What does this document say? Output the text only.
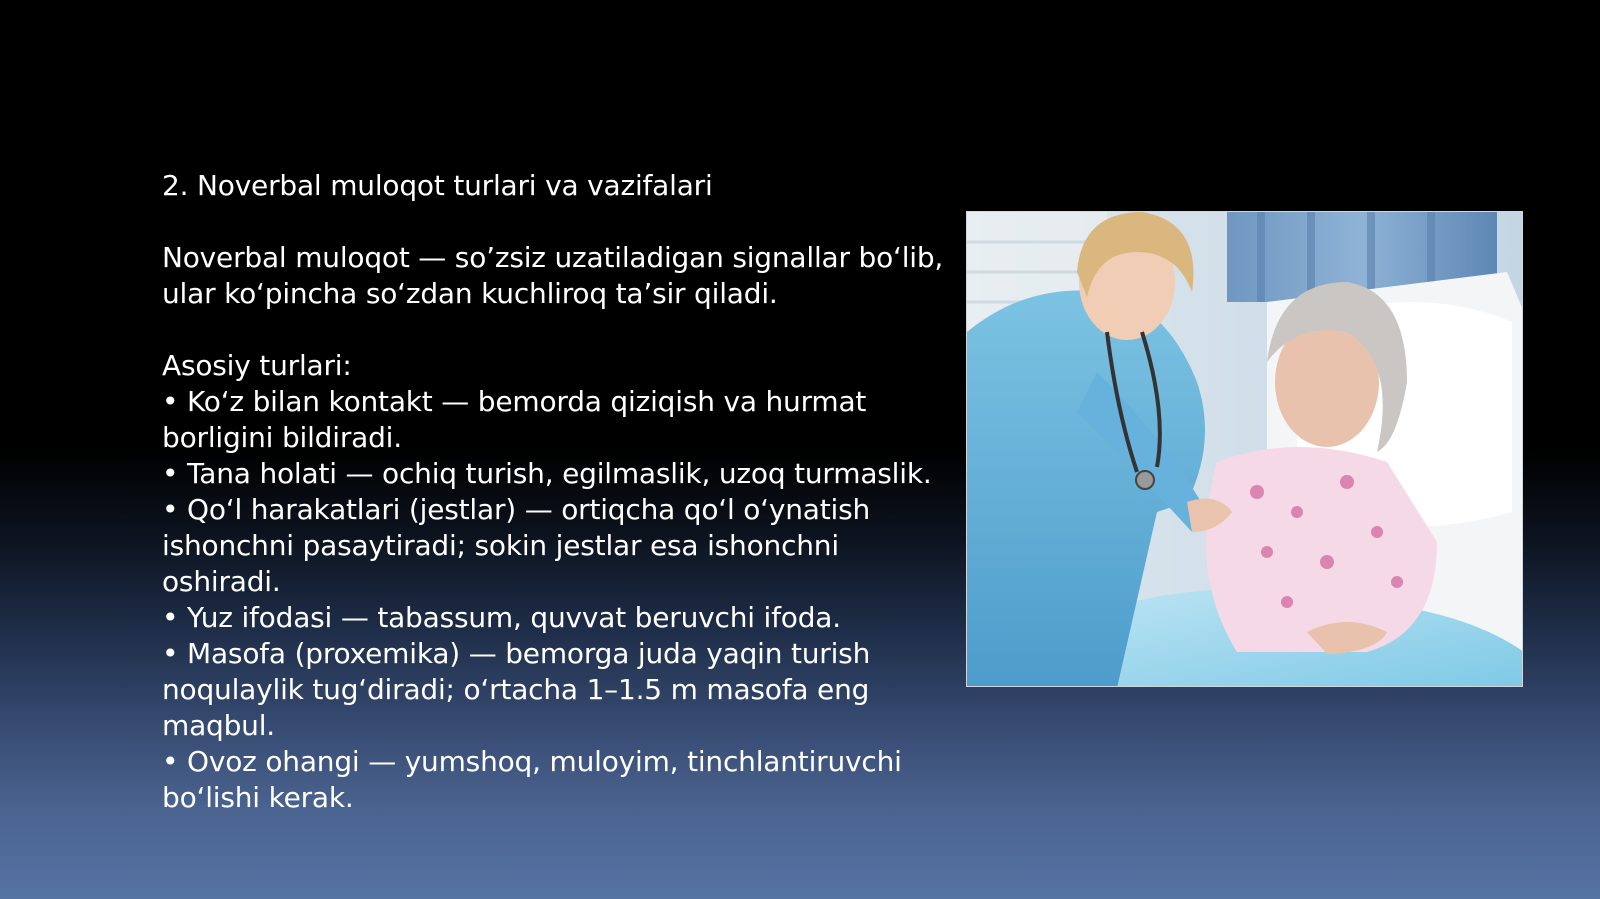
2. Noverbal muloqot turlari va vazifalari

Noverbal muloqot — so’zsiz uzatiladigan signallar bo‘lib,

ular ko‘pincha so‘zdan kuchliroq ta’sir qiladi.

Asosiy turlari:

• Ko‘z bilan kontakt — bemorda qiziqish va hurmat

borligini bildiradi.

• Tana holati — ochiq turish, egilmaslik, uzoq turmaslik.

• Qo‘l harakatlari (jestlar) — ortiqcha qo‘l o‘ynatish

ishonchni pasaytiradi; sokin jestlar esa ishonchni

oshiradi.

• Yuz ifodasi — tabassum, quvvat beruvchi ifoda.

• Masofa (proxemika) — bemorga juda yaqin turish

noqulaylik tug‘diradi; o‘rtacha 1–1.5 m masofa eng

maqbul.

• Ovoz ohangi — yumshoq, muloyim, tinchlantiruvchi

bo‘lishi kerak.
